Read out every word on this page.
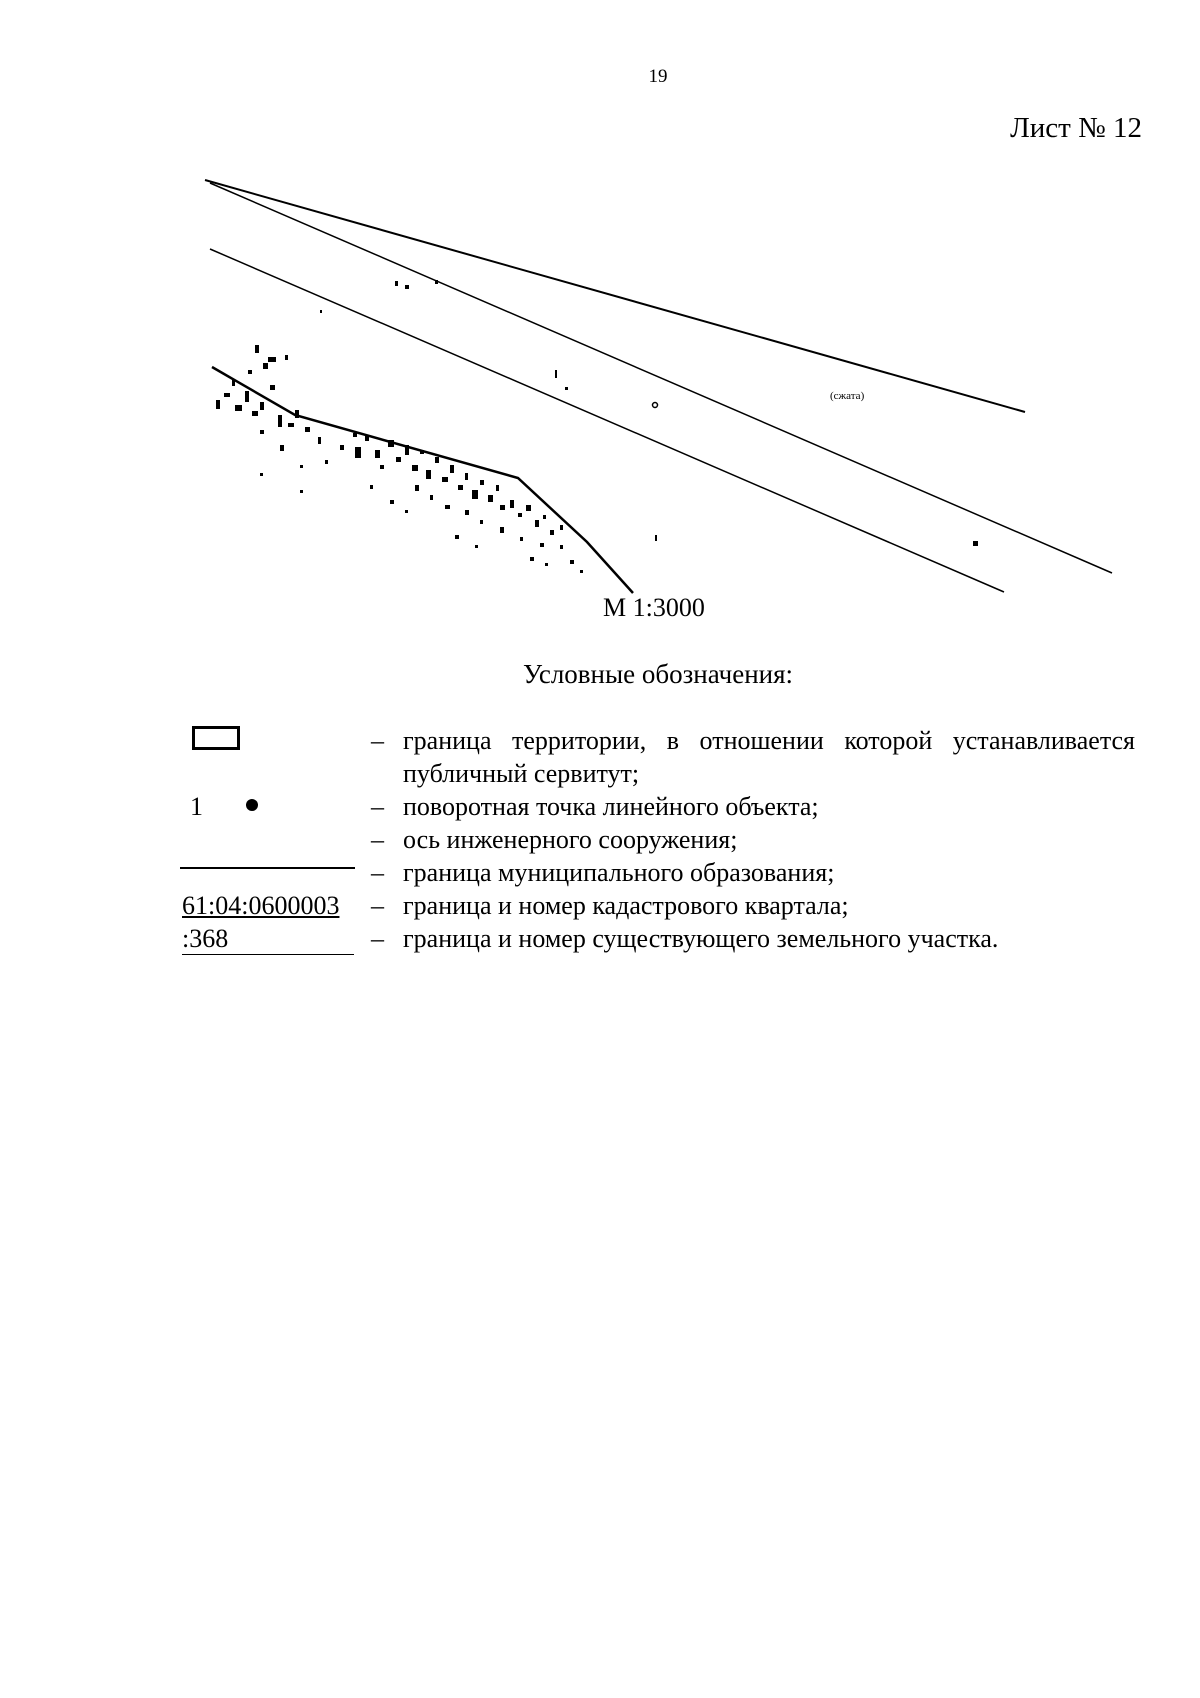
19
Лист № 12
(сжата)
М 1:3000
Условные обозначения:
– граница территории, в отношении которой устанавливается публичный сервитут;
1	– поворотная точка линейного объекта;
– ось инженерного сооружения;
– граница муниципального образования;
61:04:0600003	– граница и номер кадастрового квартала;
:368	– граница и номер существующего земельного участка.
